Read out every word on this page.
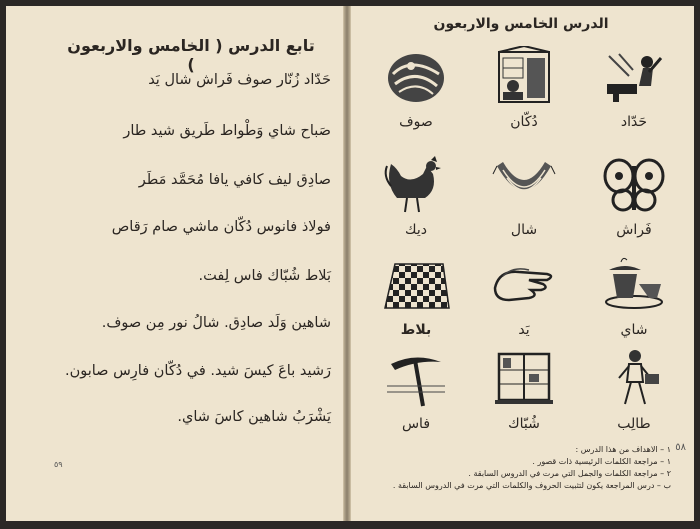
تابع الدرس ( الخامس والاربعون )
حَدّاد زُنّار صوف فَراش شال يَد
صَباح شاي وَطْواط طَريق شيد طار
صادِق ليف كافي يافا مُحَمَّد مَطَر
فولاذ فانوس دُكّان ماشي صام رَقاص
بَلاط شُبّاك فاس لِفت.
شاهين وَلَد صادِق. شالُ نور مِن صوف.
رَشيد باعَ كيسَ شيد. في دُكّان فارِس صابون.
يَشْرَبُ شاهين كاسَ شاي.
٥٩
الدرس الخامس والاربعون
حَدّاد
دُكّان
صوف
فَراش
شال
ديك
شاي
يَد
بلاط
طالِب
شُبّاك
فاس
٥٨
١ – الاهداف من هذا الدرس :
١ – مراجعة الكلمات الرئيسية ذات قصور .
٢ – مراجعة الكلمات والجمل التي مرت في الدروس السابقة .
ب – درس المراجعة يكون لتثبيت الحروف والكلمات التي مرت في الدروس السابقة .
